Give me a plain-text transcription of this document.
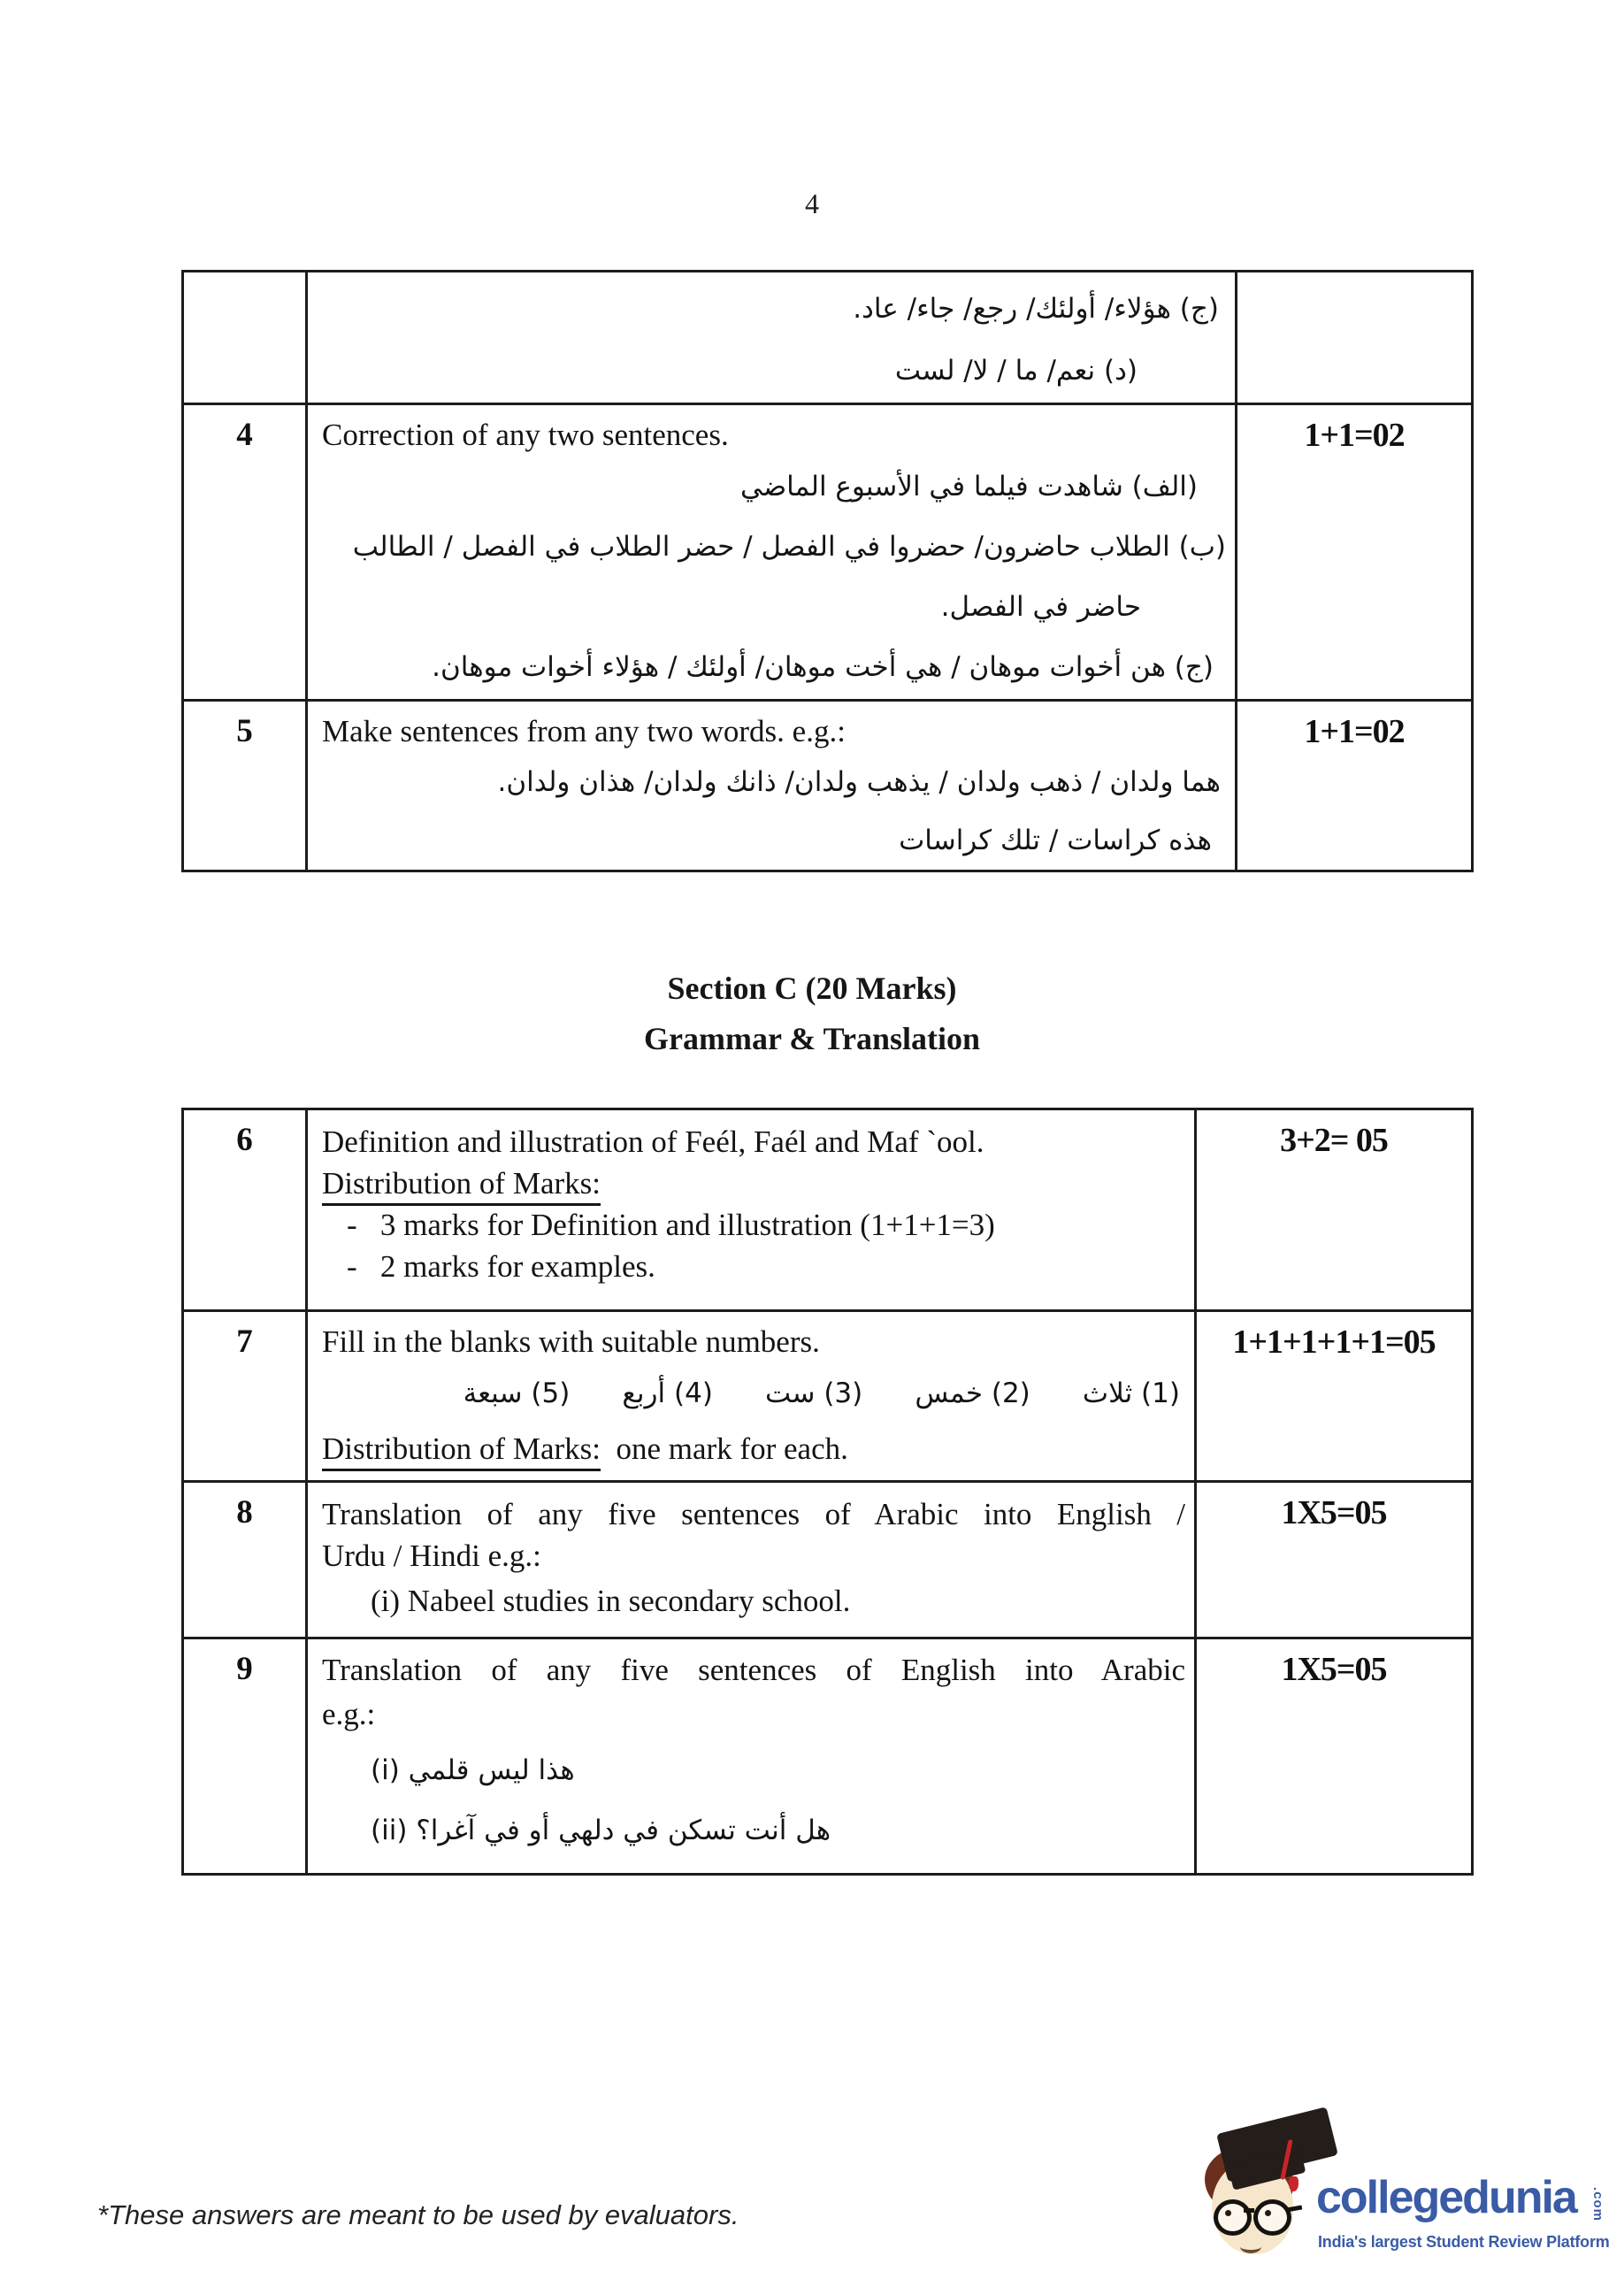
4

	(ج) هؤلاء/ أولئك/ رجع/ جاء/ عاد.
(د) نعم/ ما / لا/ لست	

4	Correction of any two sentences.
(الف) شاهدت فيلما في الأسبوع الماضي
(ب) الطلاب حاضرون/ حضروا في الفصل / حضر الطلاب في الفصل / الطالب
حاضر في الفصل.
(ج) هن أخوات موهان / هي أخت موهان/ أولئك / هؤلاء أخوات موهان.	1+1=02
5	Make sentences from any two words. e.g.:
هما ولدان / ذهب ولدان / يذهب ولدان/ ذانك ولدان/ هذان ولدان.
هذه كراسات / تلك كراسات	1+1=02
Section C (20 Marks)
Grammar & Translation
6	Definition and illustration of Feél, Faél and Maf `ool.
Distribution of Marks:
-   3 marks for Definition and illustration (1+1+1=3)
-   2 marks for examples.	3+2= 05
7	Fill in the blanks with suitable numbers.
(1) ثلاث      (2) خمس      (3) ست      (4) أربع      (5) سبعة
Distribution of Marks:  one mark for each.	1+1+1+1+1=05
8	Translation of any five sentences of Arabic into English /
Urdu / Hindi e.g.:
(i) Nabeel studies in secondary school.	1X5=05
9	Translation of any five sentences of English into Arabic
e.g.:
(i) هذا ليس قلمي
(ii) هل أنت تسكن في دلهي أو في آغرا؟	1X5=05
*These answers are meant to be used by evaluators.	collegedunia .com
India's largest Student Review Platform
